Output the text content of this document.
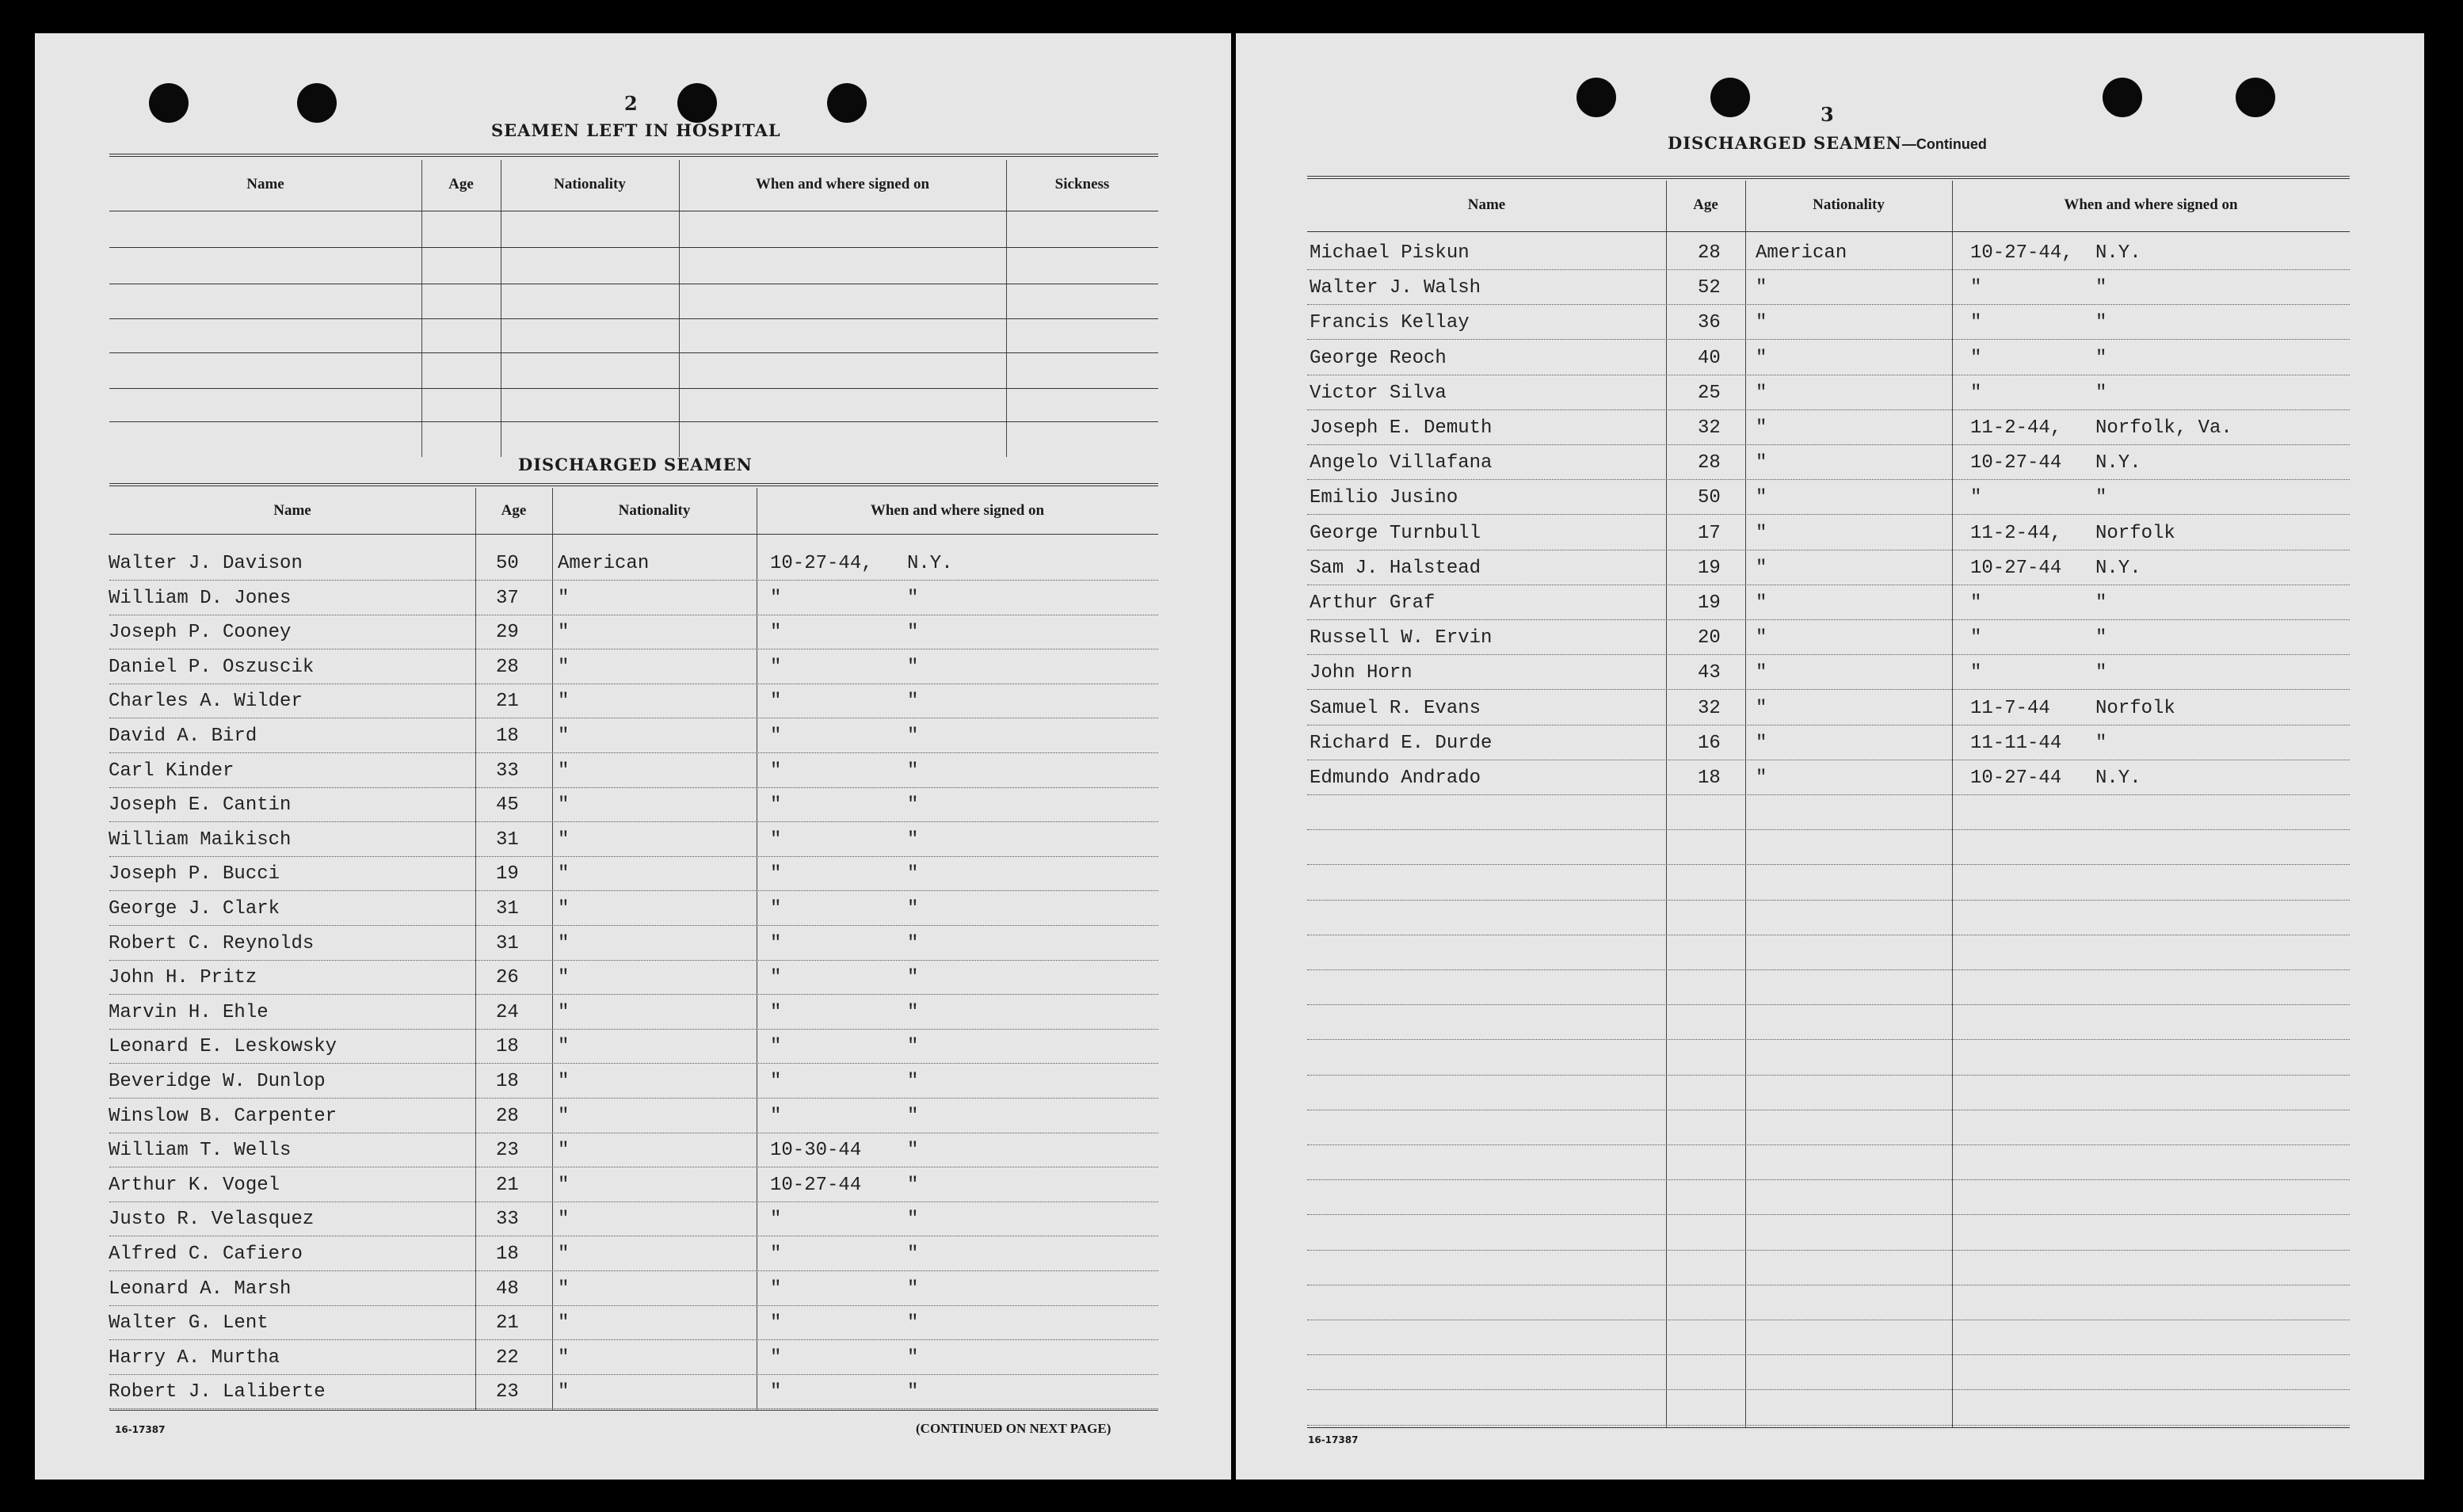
2
SEAMEN LEFT IN HOSPITAL
Name	Age	Nationality	When and where signed on	Sickness
DISCHARGED SEAMEN
Name	Age	Nationality	When and where signed on
Walter J. Davison	50 American	10-27-44, N.Y.
William D. Jones	37 "	"	"
Joseph P. Cooney	29 "	"	"
Daniel P. Oszuscik	28 "	"	"
Charles A. Wilder	21 "	"	"
David A. Bird	18 "	"	"
Carl Kinder	33 "	"	"
Joseph E. Cantin	45 "	"	"
William Maikisch	31 "	"	"
Joseph P. Bucci	19 "	"	"
George J. Clark	31 "	"	"
Robert C. Reynolds	31 "	"	"
John H. Pritz	26 "	"	"
Marvin H. Ehle	24 "	"	"
Leonard E. Leskowsky	18 "	"	"
Beveridge W. Dunlop	18 "	"	"
Winslow B. Carpenter	28 "	"	"
William T. Wells	23 "	10-30-44 "
Arthur K. Vogel	21 "	10-27-44 "
Justo R. Velasquez	33 "	"	"
Alfred C. Cafiero	18 "	"	"
Leonard A. Marsh	48 "	"	"
Walter G. Lent	21 "	"	"
Harry A. Murtha	22 "	"	"
Robert J. Laliberte	23 "	"	"
16-17387	(CONTINUED ON NEXT PAGE)
3
DISCHARGED SEAMEN—Continued
Name	Age	Nationality	When and where signed on
Michael Piskun	28 American	10-27-44, N.Y.
Walter J. Walsh	52 "	"	"
Francis Kellay	36 "	"	"
George Reoch	40 "	"	"
Victor Silva	25 "	"	"
Joseph E. Demuth	32 "	11-2-44, Norfolk, Va.
Angelo Villafana	28 "	10-27-44 N.Y.
Emilio Jusino	50 "	"	"
George Turnbull	17 "	11-2-44, Norfolk
Sam J. Halstead	19 "	10-27-44 N.Y.
Arthur Graf	19 "	"	"
Russell W. Ervin	20 "	"	"
John Horn	43 "	"	"
Samuel R. Evans	32 "	11-7-44 Norfolk
Richard E. Durde	16 "	11-11-44 "
Edmundo Andrado	18 "	10-27-44 N.Y.
16-17387
